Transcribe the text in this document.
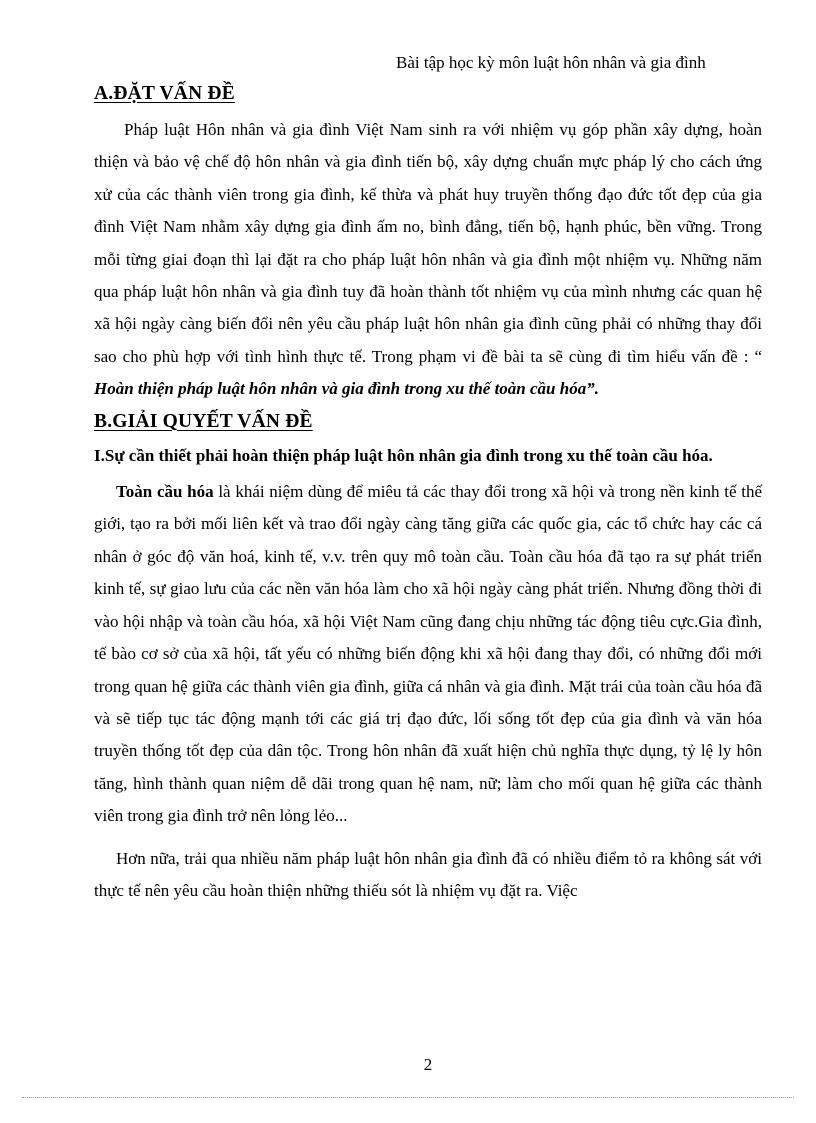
Bài tập học kỳ môn luật hôn nhân và gia đình
A.ĐẶT VẤN ĐỀ

Pháp luật Hôn nhân và gia đình Việt Nam sinh ra với nhiệm vụ góp phần xây dựng, hoàn thiện và bảo vệ chế độ hôn nhân và gia đình tiến bộ, xây dựng chuẩn mực pháp lý cho cách ứng xử của các thành viên trong gia đình, kế thừa và phát huy truyền thống đạo đức tốt đẹp của gia đình Việt Nam nhằm xây dựng gia đình ấm no, bình đẳng, tiến bộ, hạnh phúc, bền vững. Trong mỗi từng giai đoạn thì lại đặt ra cho pháp luật hôn nhân và gia đình một nhiệm vụ. Những năm qua pháp luật hôn nhân và gia đình tuy đã hoàn thành tốt nhiệm vụ của mình nhưng các quan hệ xã hội ngày càng biến đổi nên yêu cầu pháp luật hôn nhân gia đình cũng phải có những thay đổi sao cho phù hợp với tình hình thực tế. Trong phạm vi đề bài ta sẽ cùng đi tìm hiểu vấn đề : “ Hoàn thiện pháp luật hôn nhân và gia đình trong xu thế toàn cầu hóa”.

B.GIẢI QUYẾT VẤN ĐỀ

I.Sự cần thiết phải hoàn thiện pháp luật hôn nhân gia đình trong xu thế toàn cầu hóa.

Toàn cầu hóa là khái niệm dùng để miêu tả các thay đổi trong xã hội và trong nền kinh tế thế giới, tạo ra bởi mối liên kết và trao đổi ngày càng tăng giữa các quốc gia, các tổ chức hay các cá nhân ở góc độ văn hoá, kinh tế, v.v. trên quy mô toàn cầu. Toàn cầu hóa đã tạo ra sự phát triển kinh tế, sự giao lưu của các nền văn hóa làm cho xã hội ngày càng phát triển. Nhưng đồng thời đi vào hội nhập và toàn cầu hóa, xã hội Việt Nam cũng đang chịu những tác động tiêu cực.Gia đình, tế bào cơ sở của xã hội, tất yếu có những biến động khi xã hội đang thay đổi, có những đổi mới trong quan hệ giữa các thành viên gia đình, giữa cá nhân và gia đình. Mặt trái của toàn cầu hóa đã và sẽ tiếp tục tác động mạnh tới các giá trị đạo đức, lối sống tốt đẹp của gia đình và văn hóa truyền thống tốt đẹp của dân tộc. Trong hôn nhân đã xuất hiện chủ nghĩa thực dụng, tỷ lệ ly hôn tăng, hình thành quan niệm dễ dãi trong quan hệ nam, nữ; làm cho mối quan hệ giữa các thành viên trong gia đình trở nên lỏng lẻo...

Hơn nữa, trải qua nhiều năm pháp luật hôn nhân gia đình đã có nhiều điểm tỏ ra không sát với thực tế nên yêu cầu hoàn thiện những thiếu sót là nhiệm vụ đặt ra. Việc

2
